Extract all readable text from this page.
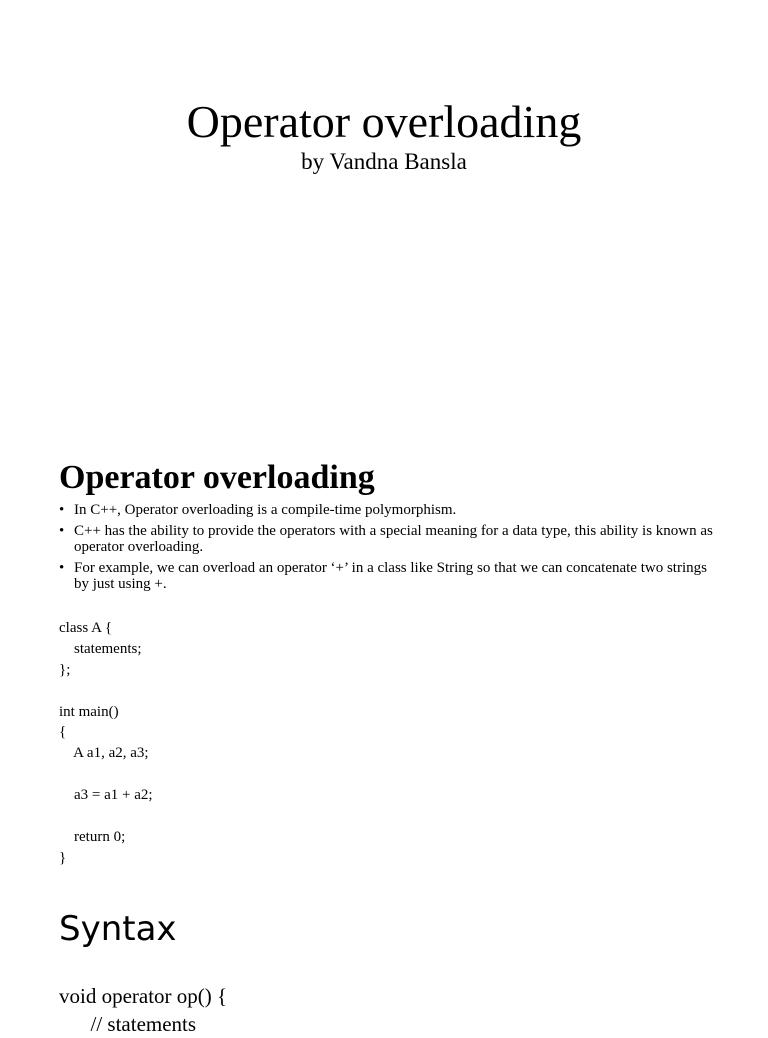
Operator overloading
by Vandna Bansla
Operator overloading
• In C++, Operator overloading is a compile-time polymorphism.
• C++ has the ability to provide the operators with a special meaning for a data type, this ability is known as operator overloading.
• For example, we can overload an operator ‘+’ in a class like String so that we can concatenate two strings by just using +.
class A {
statements;
};
int main()
{
A a1, a2, a3;
a3 = a1 + a2;
return 0;
}
Syntax
void operator op() {
// statements
